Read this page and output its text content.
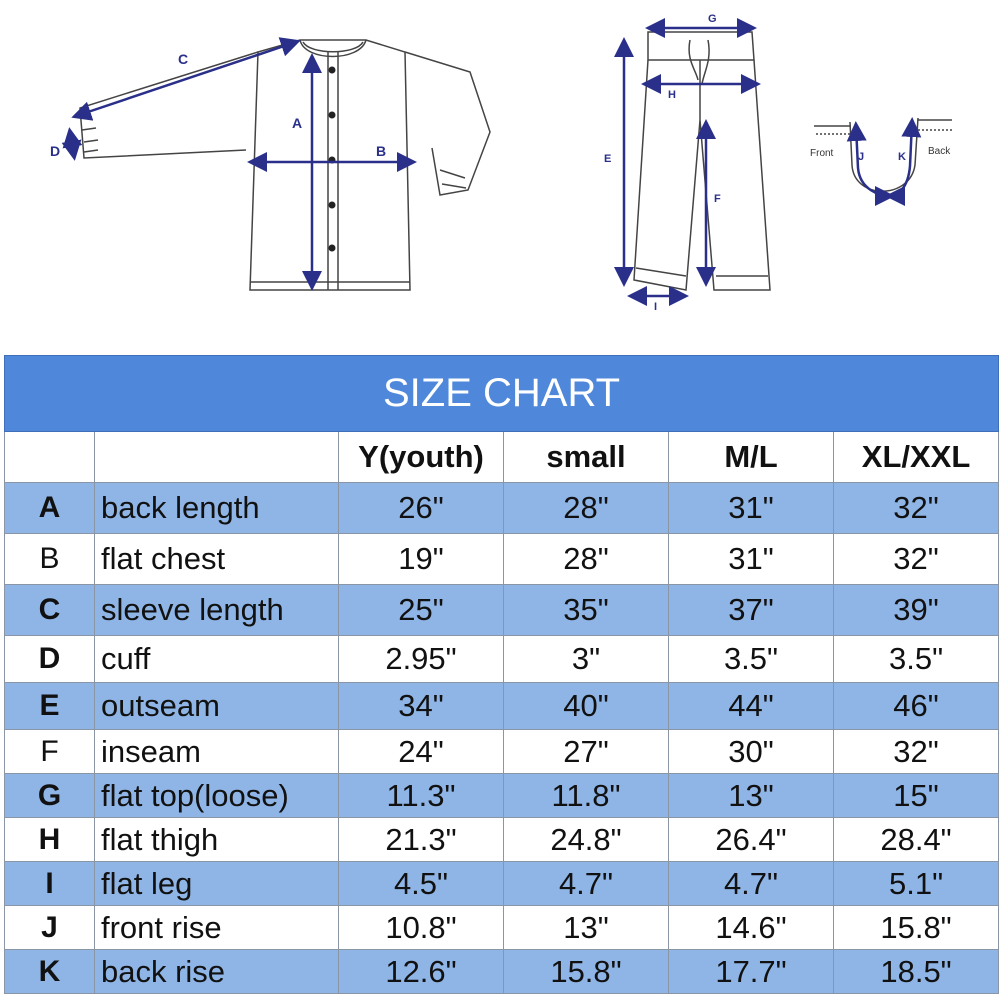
A
B
C
D
G
H
E
F
I
Front	Back
J	K
SIZE CHART					
		Y(youth)	small	M/L	XL/XXL
A	back length	26"	28"	31"	32"
B	flat chest	19"	28"	31"	32"
C	sleeve length	25"	35"	37"	39"
D	cuff	2.95"	3"	3.5"	3.5"
E	outseam	34"	40"	44"	46"
F	inseam	24"	27"	30"	32"
G	flat top(loose)	11.3"	11.8"	13"	15"
H	flat thigh	21.3"	24.8"	26.4"	28.4"
I	flat leg	4.5"	4.7"	4.7"	5.1"
J	front rise	10.8"	13"	14.6"	15.8"
K	back rise	12.6"	15.8"	17.7"	18.5"
